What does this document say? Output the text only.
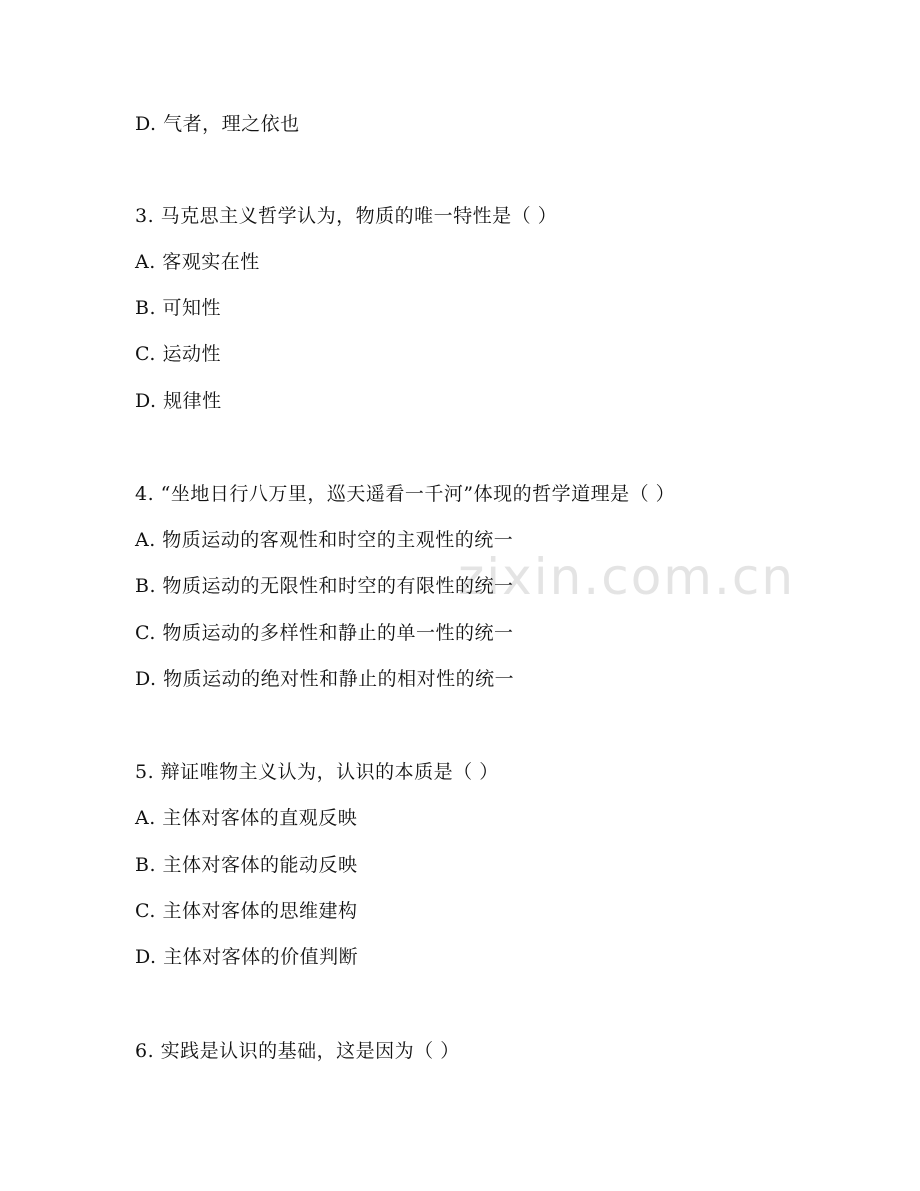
zixin.com.cn
D. 气者，理之依也
3. 马克思主义哲学认为，物质的唯一特性是（ ）
A. 客观实在性
B. 可知性
C. 运动性
D. 规律性
4. “坐地日行八万里，巡天遥看一千河”体现的哲学道理是（ ）
A. 物质运动的客观性和时空的主观性的统一
B. 物质运动的无限性和时空的有限性的统一
C. 物质运动的多样性和静止的单一性的统一
D. 物质运动的绝对性和静止的相对性的统一
5. 辩证唯物主义认为，认识的本质是（ ）
A. 主体对客体的直观反映
B. 主体对客体的能动反映
C. 主体对客体的思维建构
D. 主体对客体的价值判断
6. 实践是认识的基础，这是因为（ ）
